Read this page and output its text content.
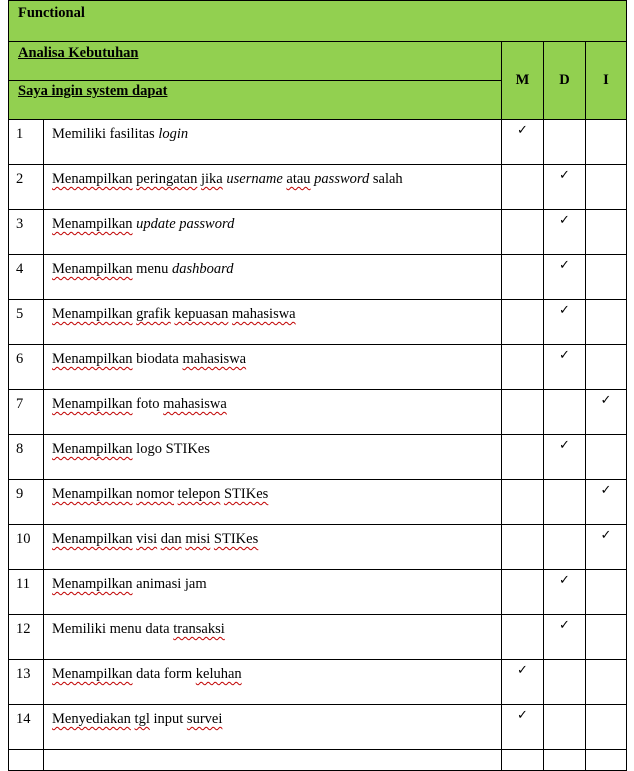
Functional				

Analisa Kebutuhan		M	D	I

Saya ingin system dapat				

1	Memiliki fasilitas login	✓		
2	Menampilkan peringatan jika username atau password salah		✓	
3	Menampilkan update password		✓	
4	Menampilkan menu dashboard		✓	
5	Menampilkan grafik kepuasan mahasiswa		✓	
6	Menampilkan biodata mahasiswa		✓	
7	Menampilkan foto mahasiswa			✓
8	Menampilkan logo STIKes		✓	
9	Menampilkan nomor telepon STIKes			✓
10	Menampilkan visi dan misi STIKes			✓
11	Menampilkan animasi jam		✓	
12	Memiliki menu data transaksi		✓	
13	Menampilkan data form keluhan	✓		
14	Menyediakan tgl input survei	✓		
